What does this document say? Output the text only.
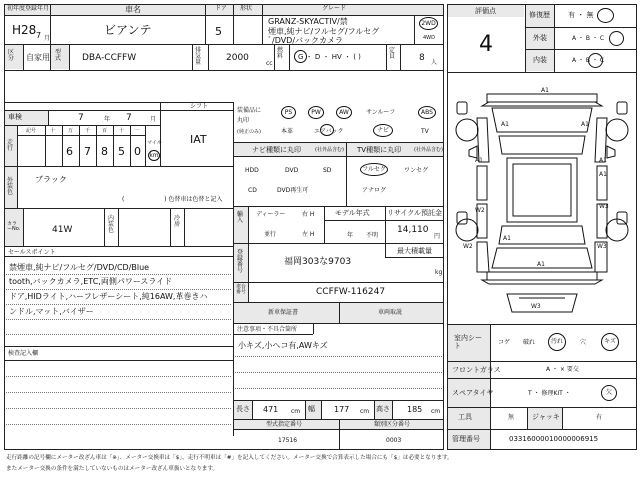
初年度登録年月	車名	ドア 形状	グレード
H28 7 月
ビアンテ	5
GRANZ-SKYACTIV/禁
煙車,純ナビ/フルセグ/フルセグ
ﾞ/DVD/バックカメラ
2WD
4WD
区分	自家用
型式	DBA-CCFFW
排気量	2000
cc
燃料	G ・ D ・ HV ・ ( )
定員	8 人
シフト
車検	7	年 7	月
IAT
走行
記号	十	万 千 百 十 一
6 7 8 5 0
マイル
km
外装色
ブラック
( 　　　　　　 ) 色替車は色替と記入
カラーNo.	41W
内装色
冷房
セールスポイント
禁煙車,純ナビ/フルセグ/DVD/CD/Blue
tooth,バックカメラ,ETC,両側パワースライド
ドア,HIDライト,ハーフレザーシート,純16AW,革巻きハ
ンドル,マット,バイザー
検査記入欄
装備品に
丸印
(純正のみ)
PS	PW	AW	サンルーフ	ABS
本革	エアバック	ナビ	TV
ナビ種類に丸印	(社外品含む) TV種類に丸印	(社外品含む)
HDD	DVD	SD
CD	DVD再生可
フルセグ	ワンセグ
アナログ
輸入
ディーラー
並行
右 H
左 H
モデル年式
年 不明
リサイクル預託金
14,110
円
登録番号
最大積載量
福岡303な9703
kg
車台番号	CCFFW-116247
新車保証書	車両取説
注意事項・不具合箇所
小キズ,小ヘコ有,AWキズ
長さ 471 cm 幅 177 cm 高さ 185 cm
型式指定番号	類別区分番号
17516	0003
評価点
4
修復歴	有 ・ 無
外装	A ・ B ・ C
内装	A ・ B ・ C
A1
A1	A1
A1
A1
A1
W2
W3
A1
W2	W3
A1
W3
室内シート	コゲ 破れ	汚れ	穴	キズ
フロントガラス	A ・ × 要交
スペアタイヤ	T ・ 修理KIT ・	欠
工具	無	ジャッキ	有
管理番号	03316000010000006915
走行距離の記号欄にメーター改ざん車は「※」、メーター交換車は「$」、走行不明車は「#」を記入してください。メーター交換で合算表示した場合にも「$」は必要となります。
またメーター交換の条件を満たしていないものはメーター改ざん車扱いとなります。
